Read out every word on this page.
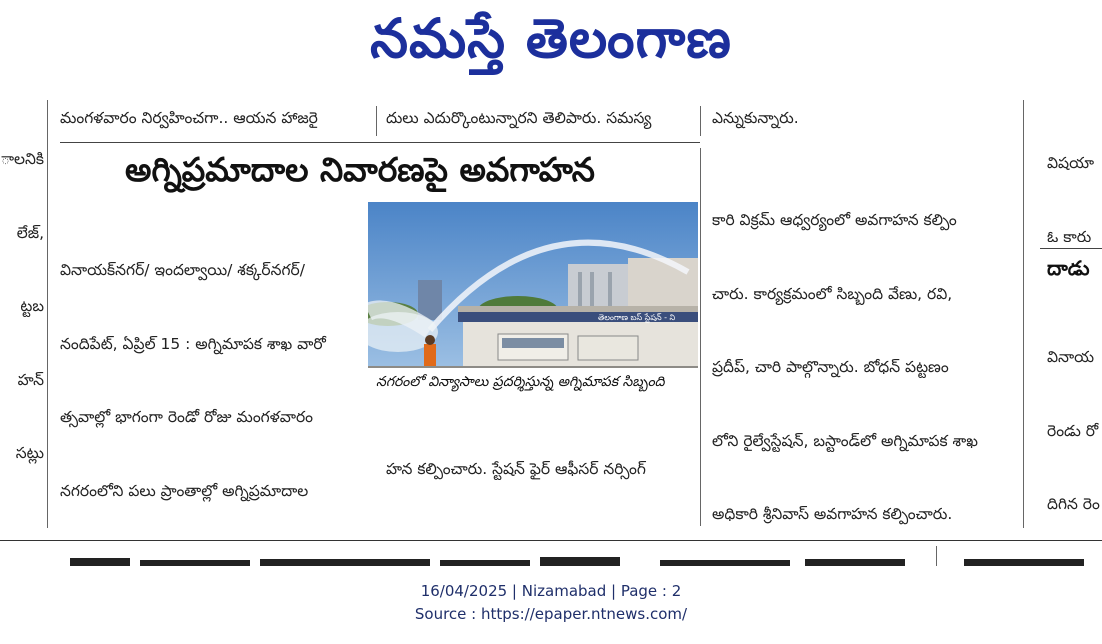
నమస్తే తెలంగాణ

ాలనికి

లేజ్,

ట్టబ

హన్

సట్లు

మంగళవారం నిర్వహించగా.. ఆయన హాజరై	దులు ఎదుర్కొంటున్నారని తెలిపారు. సమస్య	ఎన్నుకున్నారు.
అగ్నిప్రమాదాల నివారణపై అవగాహన

వినాయక్‌నగర్/ ఇందల్వాయి/ శక్కర్‌నగర్/

నందిపేట్, ఏప్రిల్ 15 : అగ్నిమాపక శాఖ వారో

త్సవాల్లో భాగంగా రెండో రోజు మంగళవారం

నగరంలోని పలు ప్రాంతాల్లో అగ్నిప్రమాదాల

తెలంగాణ బస్ స్టేషన్ - ని
నగరంలో విన్యాసాలు ప్రదర్శిస్తున్న అగ్నిమాపక సిబ్బంది

హన కల్పించారు. స్టేషన్ ఫైర్ ఆఫీసర్ నర్సింగ్

కారి విక్రమ్ ఆధ్వర్యంలో అవగాహన కల్పిం

చారు. కార్యక్రమంలో సిబ్బంది వేణు, రవి,

ప్రదీప్, చారి పాల్గొన్నారు. బోధన్ పట్టణం

లోని రైల్వేస్టేషన్, బస్టాండ్‌లో అగ్నిమాపక శాఖ

అధికారి శ్రీనివాస్ అవగాహన కల్పించారు.

విషయా

ఓ కారు

దాడు

వినాయ

రెండు రో

దిగిన రెం

16/04/2025 | Nizamabad | Page : 2
Source : https://epaper.ntnews.com/
